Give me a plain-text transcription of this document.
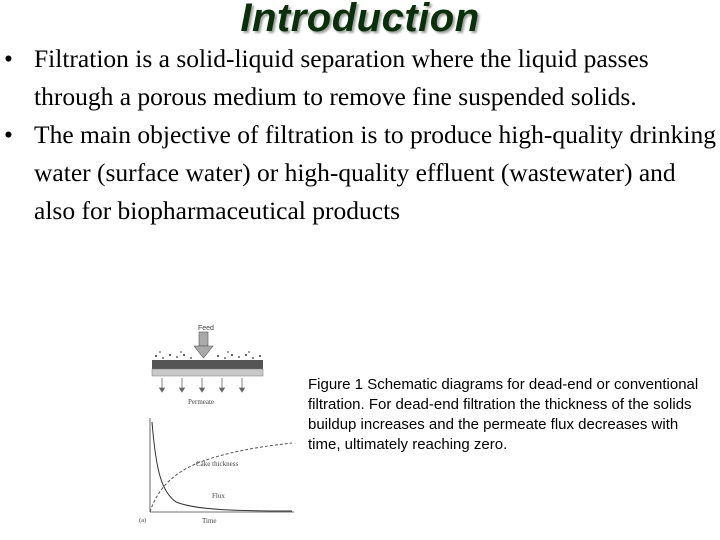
Introduction
• Filtration is a solid-liquid separation where the liquid passes through a porous medium to remove fine suspended solids.
• The main objective of filtration is to produce high-quality drinking water (surface water) or high-quality effluent (wastewater) and also for biopharmaceutical products
Feed
Permeate
Cake thickness
Flux
(a)	Time
Figure 1 Schematic diagrams for dead-end or conventional filtration. For dead-end filtration the thickness of the solids buildup increases and the permeate flux decreases with time, ultimately reaching zero.
